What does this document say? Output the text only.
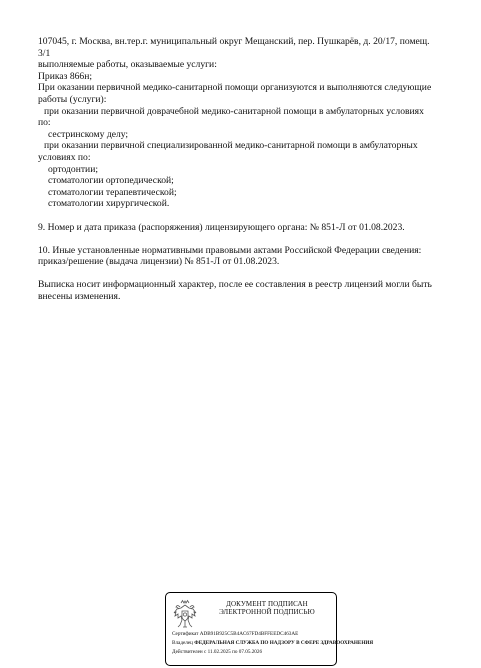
107045, г. Москва, вн.тер.г. муниципальный округ Мещанский, пер. Пушкарёв, д. 20/17, помещ.

3/1

выполняемые работы, оказываемые услуги:

Приказ 866н;

При оказании первичной медико-санитарной помощи организуются и выполняются следующие

работы (услуги):

при оказании первичной доврачебной медико-санитарной помощи в амбулаторных условиях

по:

сестринскому делу;

при оказании первичной специализированной медико-санитарной помощи в амбулаторных

условиях по:

ортодонтии;

стоматологии ортопедической;

стоматологии терапевтической;

стоматологии хирургической.

9. Номер и дата приказа (распоряжения) лицензирующего органа: № 851-Л от 01.08.2023.

10. Иные установленные нормативными правовыми актами Российской Федерации сведения:

приказ/решение (выдача лицензии) № 851-Л от 01.08.2023.

Выписка носит информационный характер, после ее составления в реестр лицензий могли быть

внесены изменения.

ДОКУМЕНТ ПОДПИСАН
ЭЛЕКТРОННОЙ ПОДПИСЬЮ
Сертификат ADB91B925C5B4AC67FD4BFFEEDC463AE
Владелец ФЕДЕРАЛЬНАЯ СЛУЖБА ПО НАДЗОРУ В СФЕРЕ ЗДРАВООХРАНЕНИЯ
Действителен с 11.02.2025 по 07.05.2026
